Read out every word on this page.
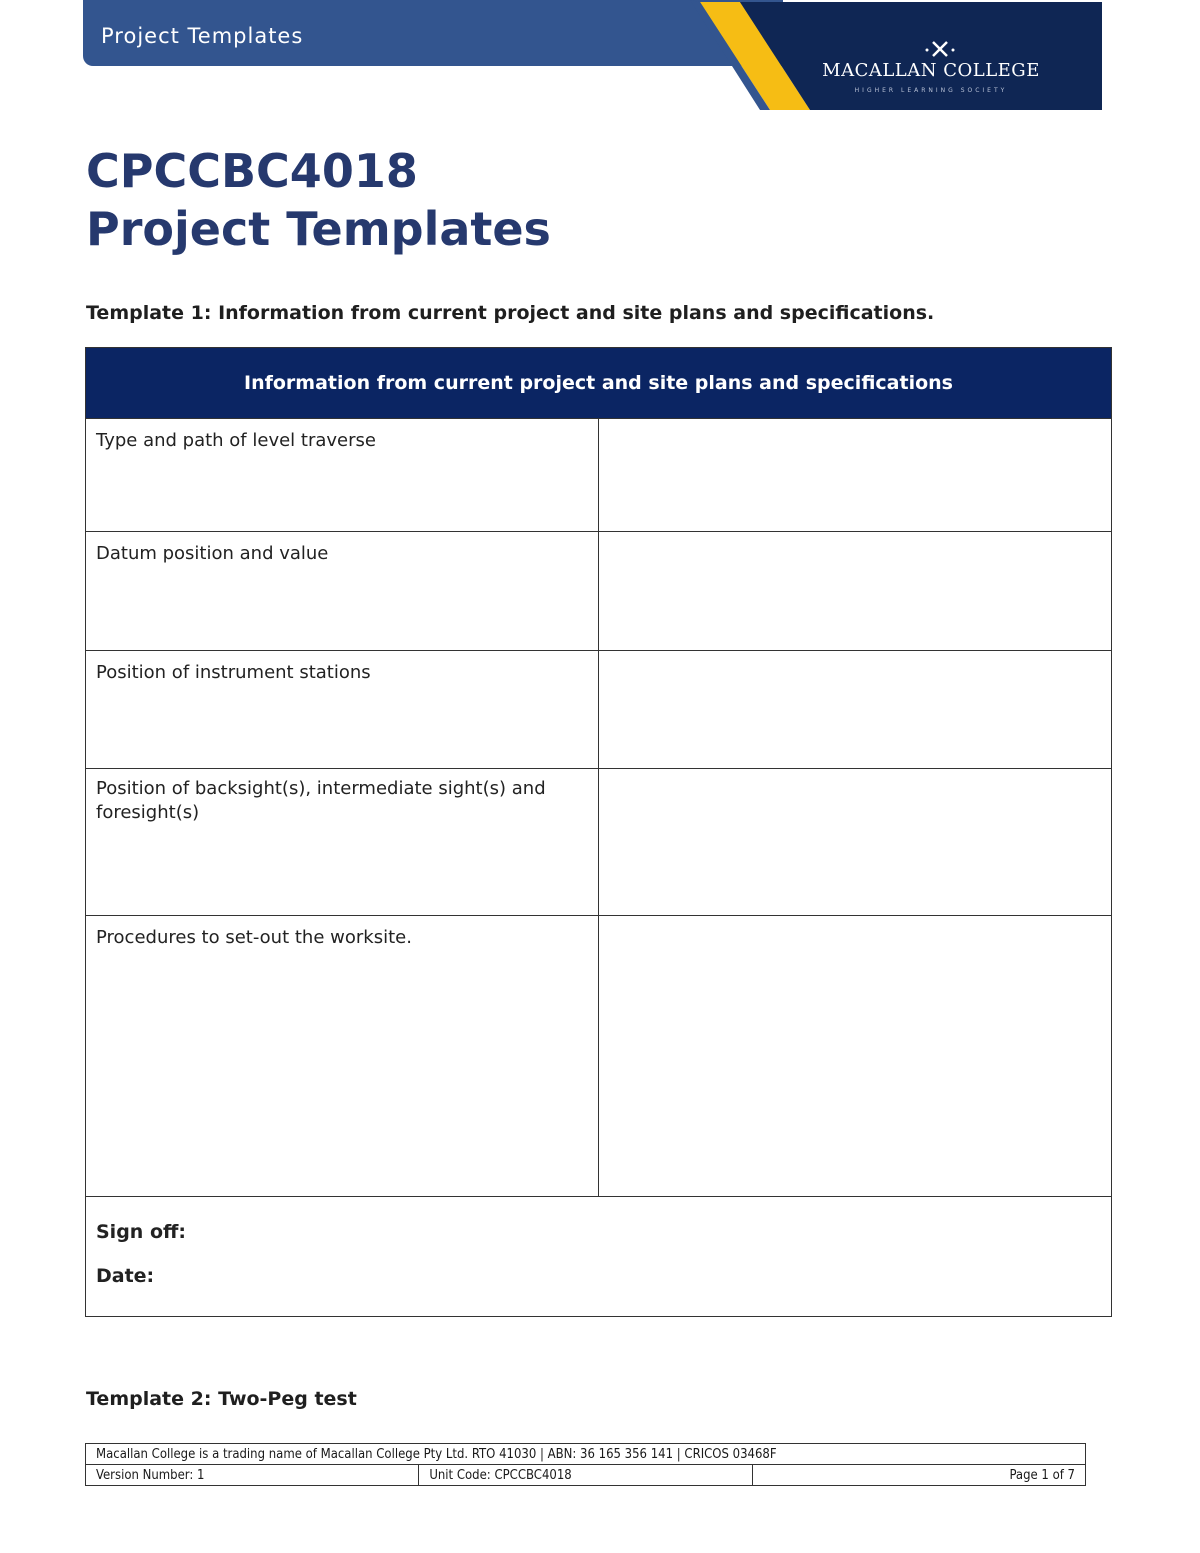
Project Templates
MACALLAN COLLEGE
HIGHER LEARNING SOCIETY
CPCCBC4018
Project Templates
Template 1: Information from current project and site plans and specifications.
Information from current project and site plans and specifications	
Type and path of level traverse	
Datum position and value	
Position of instrument stations	
Position of backsight(s), intermediate sight(s) and foresight(s)	
Procedures to set-out the worksite.	

Sign off:
Date:	
Template 2: Two-Peg test
Macallan College is a trading name of Macallan College Pty Ltd. RTO 41030 | ABN: 36 165 356 141 | CRICOS 03468F
Version Number: 1	Unit Code: CPCCBC4018	Page 1 of 7
